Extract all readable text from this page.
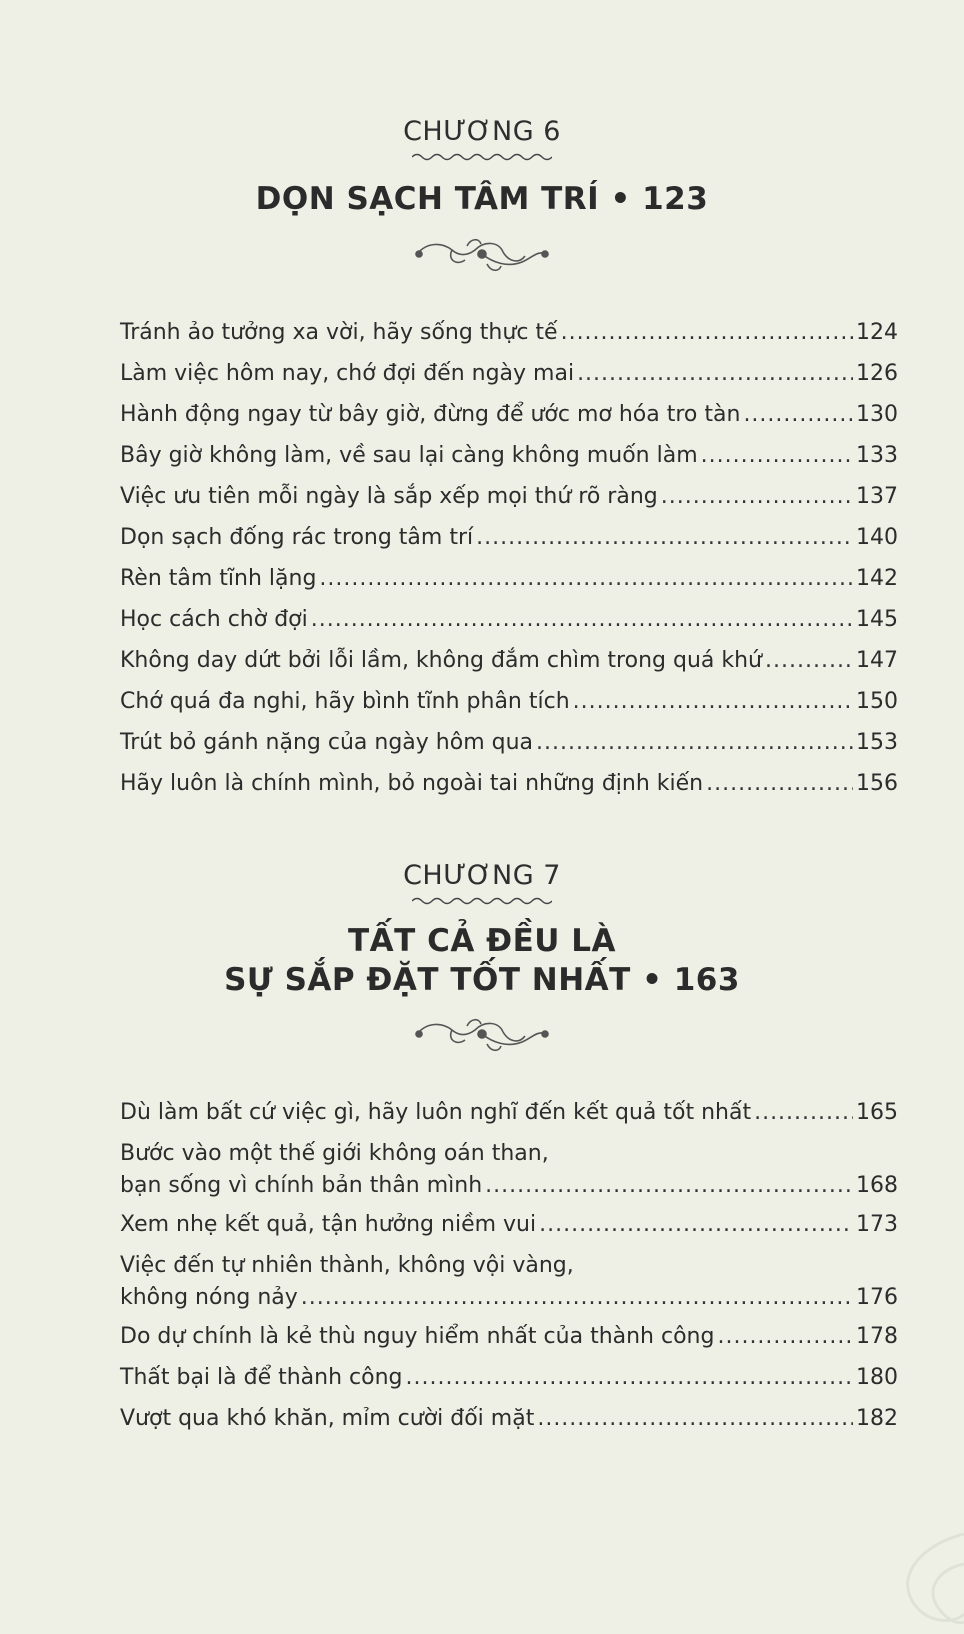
CHƯƠNG 6
DỌN SẠCH TÂM TRÍ • 123
Tránh ảo tưởng xa vời, hãy sống thực tế .....	124
Làm việc hôm nay, chớ đợi đến ngày mai .....	126
Hành động ngay từ bây giờ, đừng để ước mơ hóa tro tàn .....	130
Bây giờ không làm, về sau lại càng không muốn làm .....	133
Việc ưu tiên mỗi ngày là sắp xếp mọi thứ rõ ràng .....	137
Dọn sạch đống rác trong tâm trí .....	140
Rèn tâm tĩnh lặng .....	142
Học cách chờ đợi .....	145
Không day dứt bởi lỗi lầm, không đắm chìm trong quá khứ .....	147
Chớ quá đa nghi, hãy bình tĩnh phân tích .....	150
Trút bỏ gánh nặng của ngày hôm qua .....	153
Hãy luôn là chính mình, bỏ ngoài tai những định kiến .....	156
CHƯƠNG 7
TẤT CẢ ĐỀU LÀ
SỰ SẮP ĐẶT TỐT NHẤT • 163
Dù làm bất cứ việc gì, hãy luôn nghĩ đến kết quả tốt nhất .....	165
Bước vào một thế giới không oán than,
bạn sống vì chính bản thân mình .....	168
Xem nhẹ kết quả, tận hưởng niềm vui .....	173
Việc đến tự nhiên thành, không vội vàng,
không nóng nảy .....	176
Do dự chính là kẻ thù nguy hiểm nhất của thành công .....	178
Thất bại là để thành công .....	180
Vượt qua khó khăn, mỉm cười đối mặt .....	182
